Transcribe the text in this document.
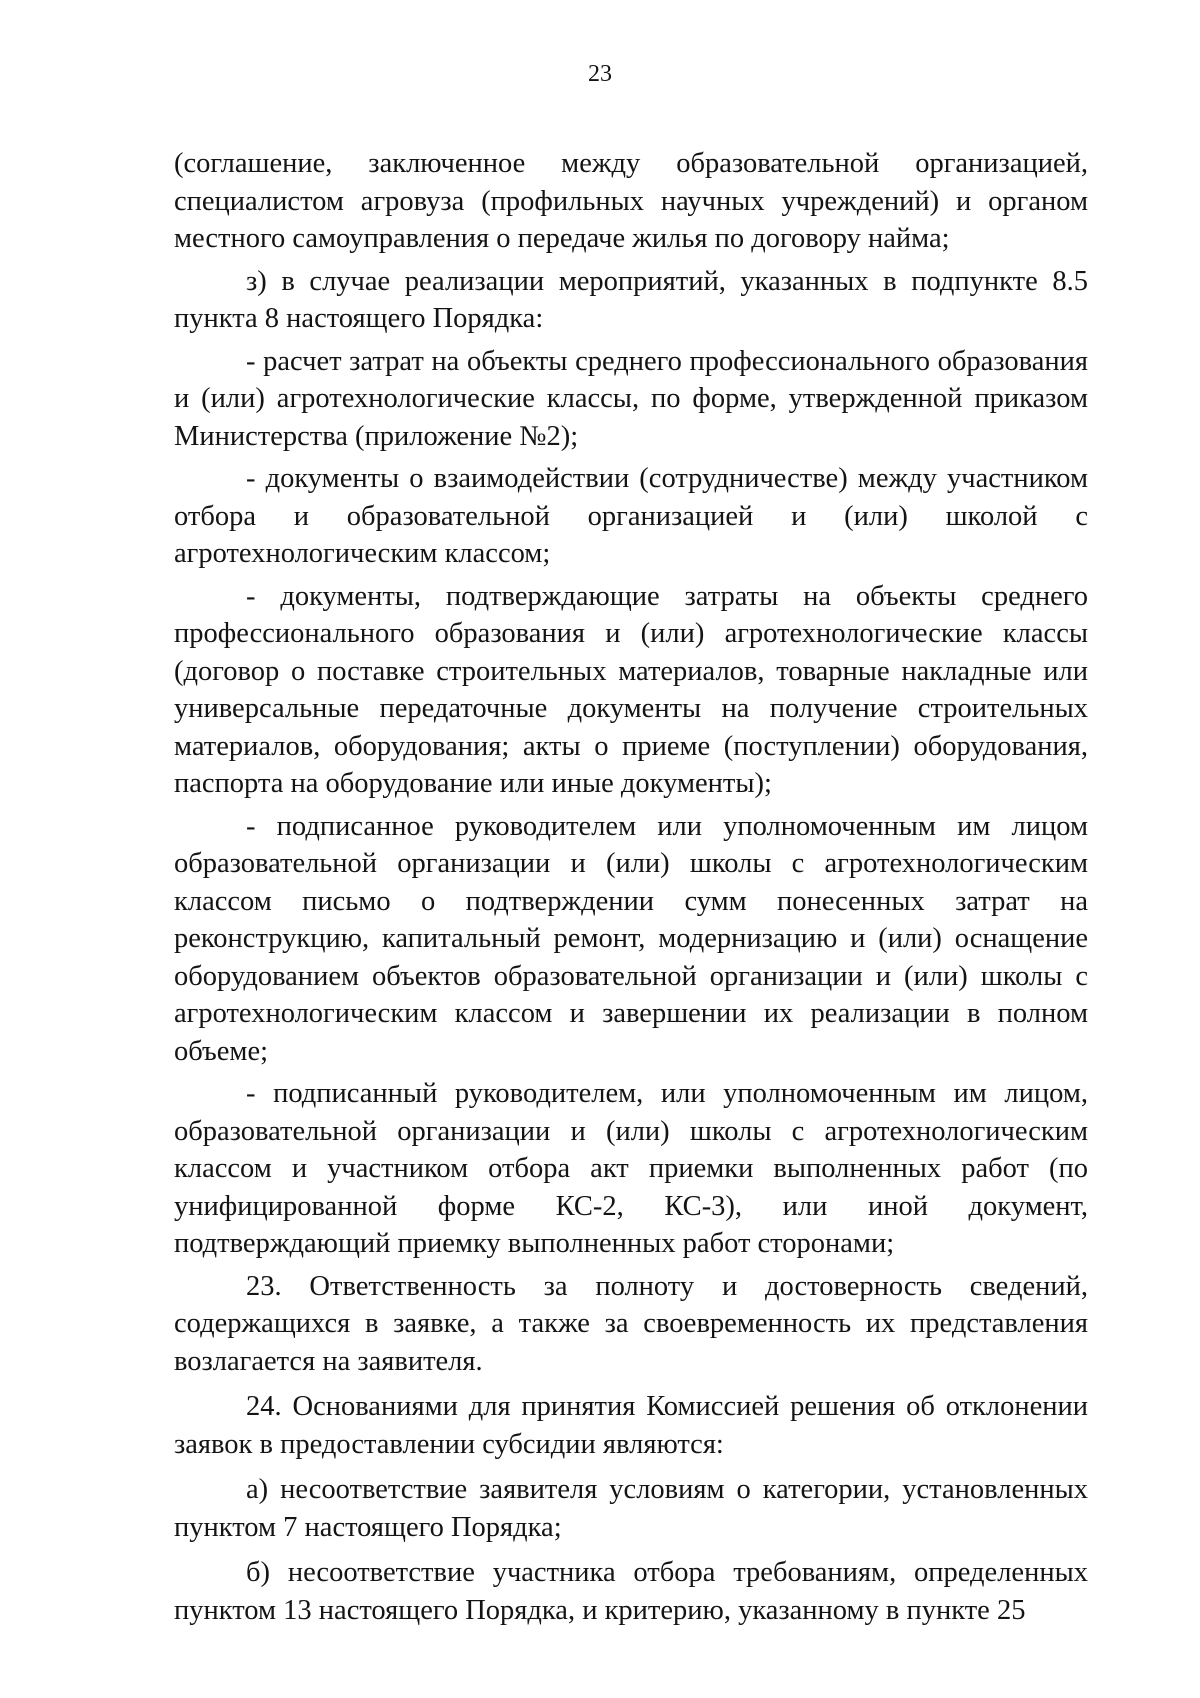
23

(соглашение, заключенное между образовательной организацией, специалистом агровуза (профильных научных учреждений) и органом местного самоуправления о передаче жилья по договору найма;

з) в случае реализации мероприятий, указанных в подпункте 8.5 пункта 8 настоящего Порядка:

- расчет затрат на объекты среднего профессионального образования и (или) агротехнологические классы, по форме, утвержденной приказом Министерства (приложение №2);

- документы о взаимодействии (сотрудничестве) между участником отбора и образовательной организацией и (или) школой с агротехнологическим классом;

- документы, подтверждающие затраты на объекты среднего профессионального образования и (или) агротехнологические классы (договор о поставке строительных материалов, товарные накладные или универсальные передаточные документы на получение строительных материалов, оборудования; акты о приеме (поступлении) оборудования, паспорта на оборудование или иные документы);

- подписанное руководителем или уполномоченным им лицом образовательной организации и (или) школы с агротехнологическим классом письмо о подтверждении сумм понесенных затрат на реконструкцию, капитальный ремонт, модернизацию и (или) оснащение оборудованием объектов образовательной организации и (или) школы с агротехнологическим классом и завершении их реализации в полном объеме;

- подписанный руководителем, или уполномоченным им лицом, образовательной организации и (или) школы с агротехнологическим классом и участником отбора акт приемки выполненных работ (по унифицированной форме КС-2, КС-3), или иной документ, подтверждающий приемку выполненных работ сторонами;

23. Ответственность за полноту и достоверность сведений, содержащихся в заявке, а также за своевременность их представления возлагается на заявителя.

24. Основаниями для принятия Комиссией решения об отклонении заявок в предоставлении субсидии являются:

а) несоответствие заявителя условиям о категории, установленных пунктом 7 настоящего Порядка;

б) несоответствие участника отбора требованиям, определенных пунктом 13 настоящего Порядка, и критерию, указанному в пункте 25
